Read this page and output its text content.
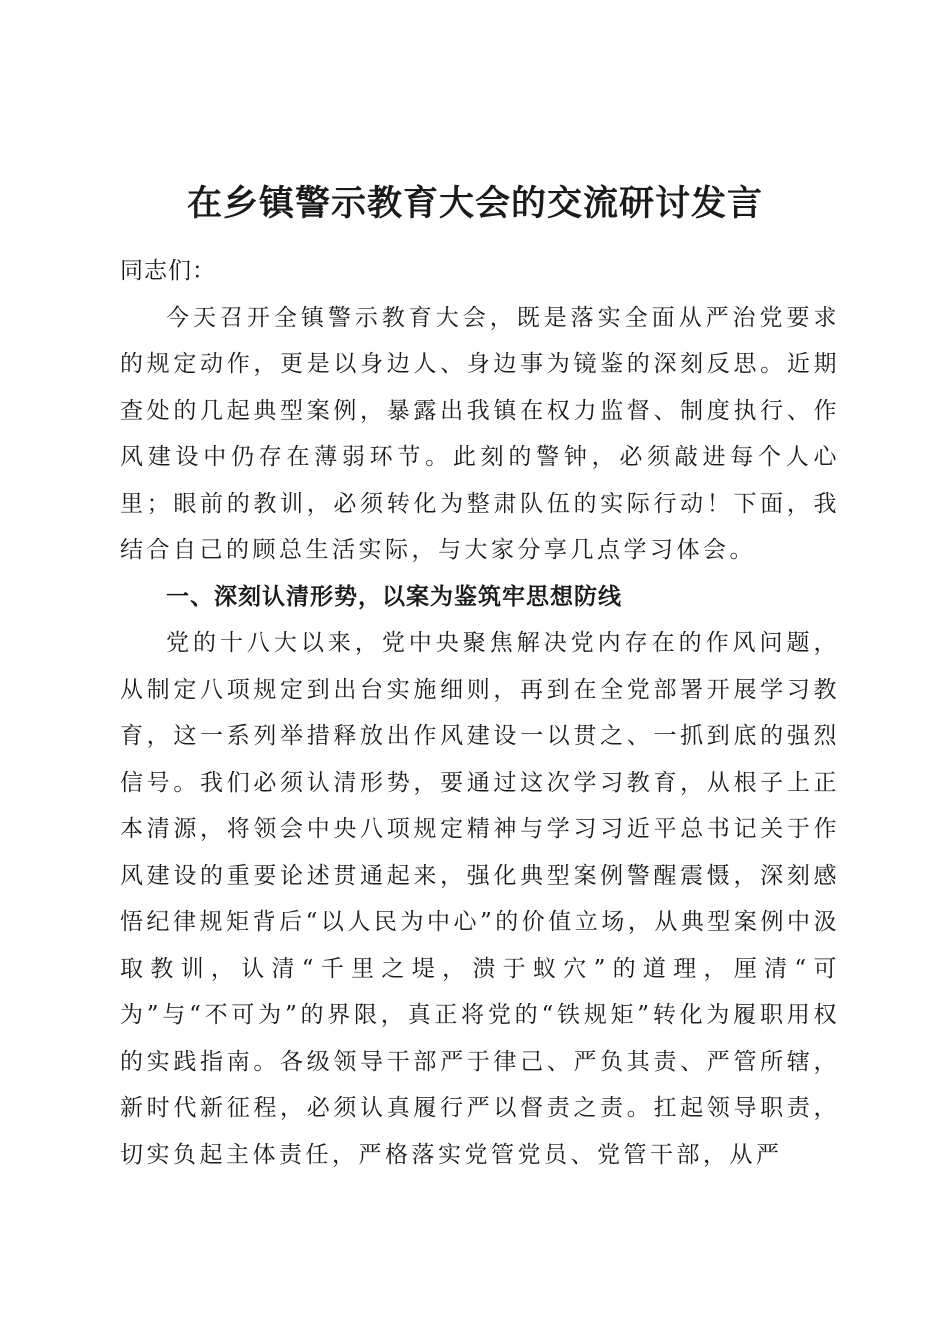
在乡镇警示教育大会的交流研讨发言

同志们：

今天召开全镇警示教育大会，既是落实全面从严治党要求的规定动作，更是以身边人、身边事为镜鉴的深刻反思。近期查处的几起典型案例，暴露出我镇在权力监督、制度执行、作风建设中仍存在薄弱环节。此刻的警钟，必须敲进每个人心里；眼前的教训，必须转化为整肃队伍的实际行动！下面，我结合自己的顾总生活实际，与大家分享几点学习体会。

一、深刻认清形势，以案为鉴筑牢思想防线

党的十八大以来，党中央聚焦解决党内存在的作风问题，从制定八项规定到出台实施细则，再到在全党部署开展学习教育，这一系列举措释放出作风建设一以贯之、一抓到底的强烈信号。我们必须认清形势，要通过这次学习教育，从根子上正本清源，将领会中央八项规定精神与学习习近平总书记关于作风建设的重要论述贯通起来，强化典型案例警醒震慑，深刻感悟纪律规矩背后“以人民为中心”的价值立场，从典型案例中汲取教训，认清“千里之堤，溃于蚁穴”的道理，厘清“可为”与“不可为”的界限，真正将党的“铁规矩”转化为履职用权的实践指南。各级领导干部严于律己、严负其责、严管所辖，新时代新征程，必须认真履行严以督责之责。扛起领导职责，切实负起主体责任，严格落实党管党员、党管干部，从严
